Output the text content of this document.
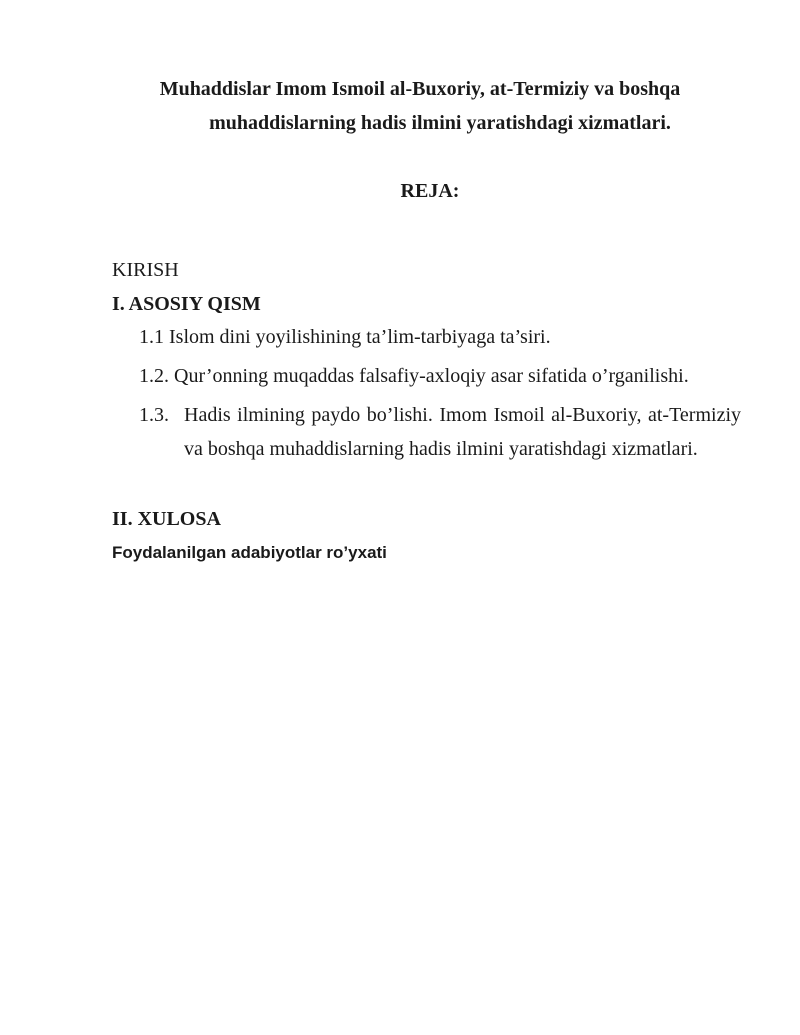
Muhaddislar Imom Ismoil al-Buxoriy, at-Termiziy va boshqa
muhaddislarning hadis ilmini yaratishdagi xizmatlari.
REJA:
KIRISH
I. ASOSIY QISM
1.1 Islom dini yoyilishining ta’lim-tarbiyaga ta’siri.
1.2. Qur’onning muqaddas falsafiy-axloqiy asar sifatida o’rganilishi.
1.3. Hadis ilmining paydo bo’lishi. Imom Ismoil al-Buxoriy, at-Termiziy va boshqa muhaddislarning hadis ilmini yaratishdagi xizmatlari.
II. XULOSA
Foydalanilgan adabiyotlar ro’yxati
